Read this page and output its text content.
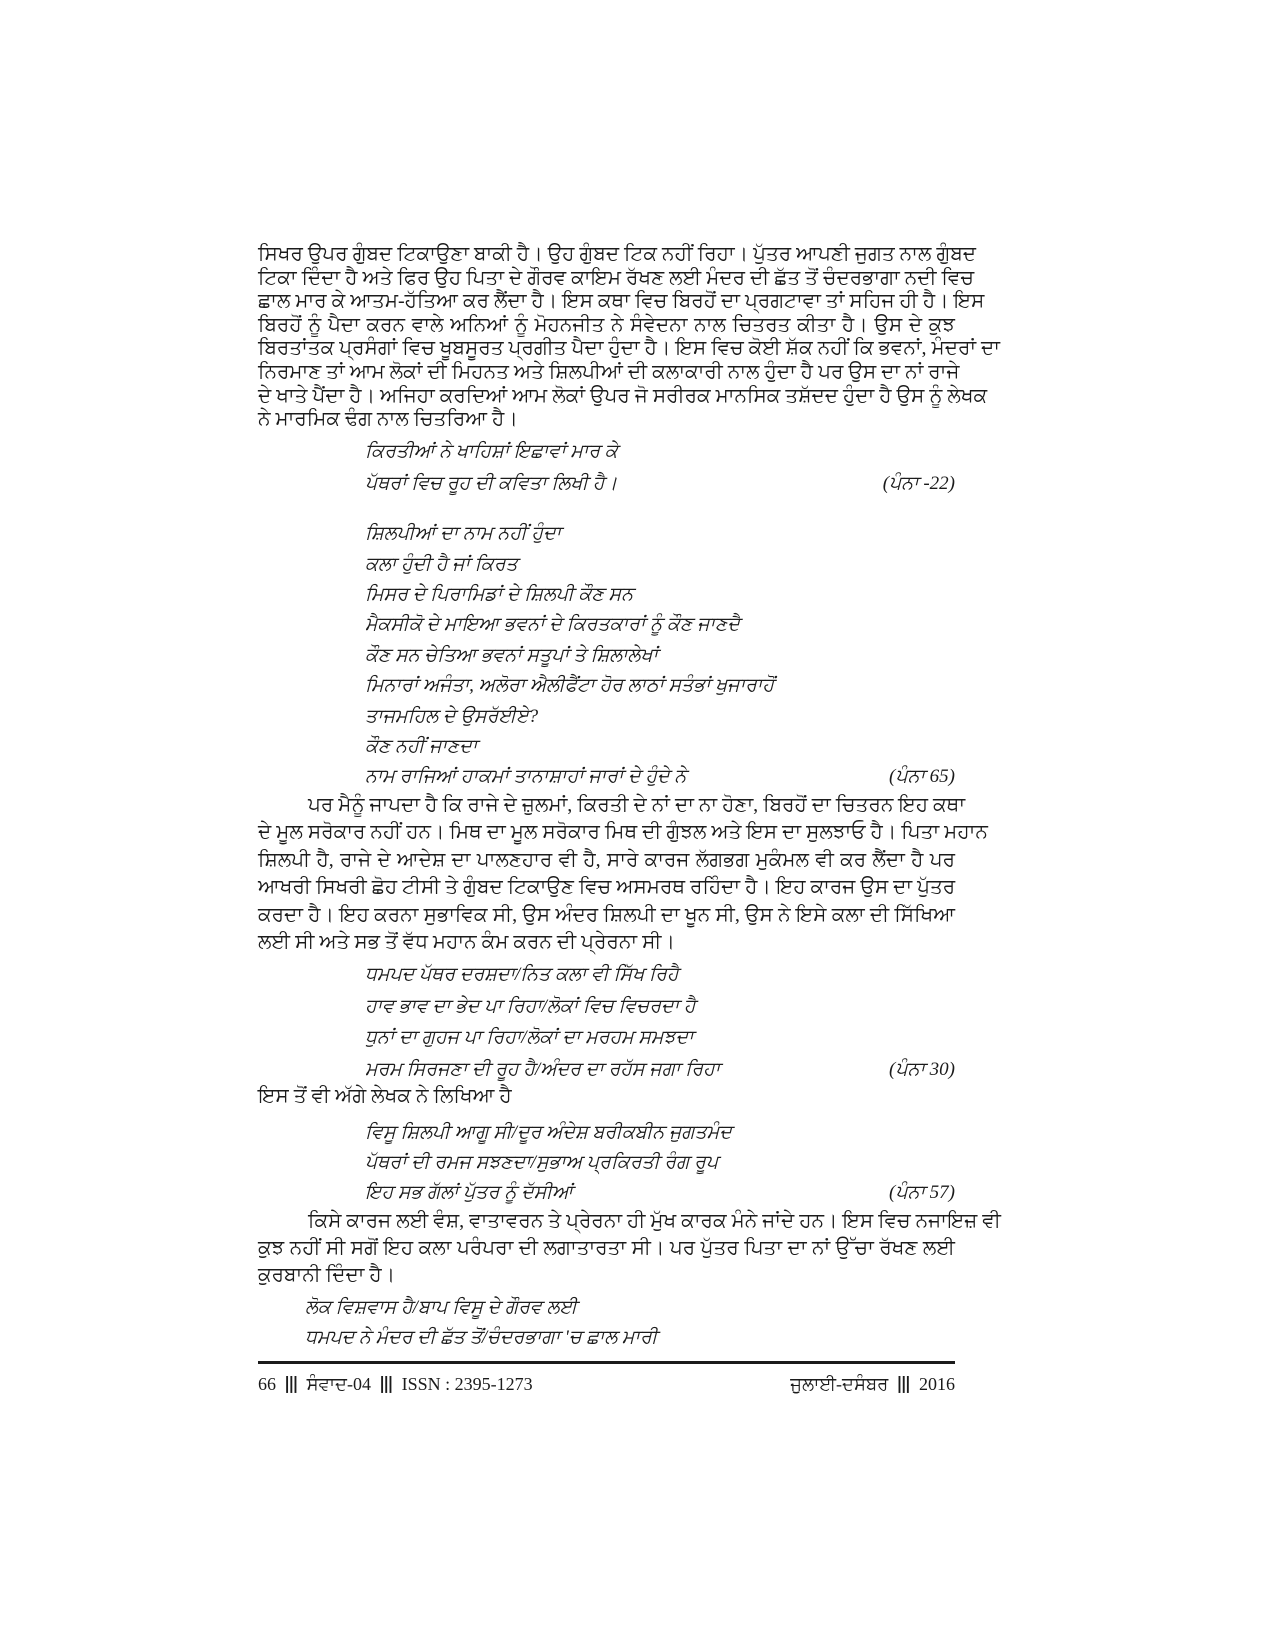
ਸਿਖਰ ਉਪਰ ਗੁੰਬਦ ਟਿਕਾਉਣਾ ਬਾਕੀ ਹੈ। ਉਹ ਗੁੰਬਦ ਟਿਕ ਨਹੀਂ ਰਿਹਾ। ਪੁੱਤਰ ਆਪਣੀ ਜੁਗਤ ਨਾਲ ਗੁੰਬਦ
ਟਿਕਾ ਦਿੰਦਾ ਹੈ ਅਤੇ ਫਿਰ ਉਹ ਪਿਤਾ ਦੇ ਗੌਰਵ ਕਾਇਮ ਰੱਖਣ ਲਈ ਮੰਦਰ ਦੀ ਛੱਤ ਤੋਂ ਚੰਦਰਭਾਗਾ ਨਦੀ ਵਿਚ
ਛਾਲ ਮਾਰ ਕੇ ਆਤਮ-ਹੱਤਿਆ ਕਰ ਲੈਂਦਾ ਹੈ। ਇਸ ਕਥਾ ਵਿਚ ਬਿਰਹੋਂ ਦਾ ਪ੍ਰਗਟਾਵਾ ਤਾਂ ਸਹਿਜ ਹੀ ਹੈ। ਇਸ
ਬਿਰਹੋਂ ਨੂੰ ਪੈਦਾ ਕਰਨ ਵਾਲੇ ਅਨਿਆਂ ਨੂੰ ਮੋਹਨਜੀਤ ਨੇ ਸੰਵੇਦਨਾ ਨਾਲ ਚਿਤਰਤ ਕੀਤਾ ਹੈ। ਉਸ ਦੇ ਕੁਝ
ਬਿਰਤਾਂਤਕ ਪ੍ਰਸੰਗਾਂ ਵਿਚ ਖੂਬਸੂਰਤ ਪ੍ਰਗੀਤ ਪੈਦਾ ਹੁੰਦਾ ਹੈ। ਇਸ ਵਿਚ ਕੋਈ ਸ਼ੱਕ ਨਹੀਂ ਕਿ ਭਵਨਾਂ, ਮੰਦਰਾਂ ਦਾ
ਨਿਰਮਾਣ ਤਾਂ ਆਮ ਲੋਕਾਂ ਦੀ ਮਿਹਨਤ ਅਤੇ ਸ਼ਿਲਪੀਆਂ ਦੀ ਕਲਾਕਾਰੀ ਨਾਲ ਹੁੰਦਾ ਹੈ ਪਰ ਉਸ ਦਾ ਨਾਂ ਰਾਜੇ
ਦੇ ਖਾਤੇ ਪੈਂਦਾ ਹੈ। ਅਜਿਹਾ ਕਰਦਿਆਂ ਆਮ ਲੋਕਾਂ ਉਪਰ ਜੋ ਸਰੀਰਕ ਮਾਨਸਿਕ ਤਸ਼ੱਦਦ ਹੁੰਦਾ ਹੈ ਉਸ ਨੂੰ ਲੇਖਕ
ਨੇ ਮਾਰਮਿਕ ਢੰਗ ਨਾਲ ਚਿਤਰਿਆ ਹੈ।
ਕਿਰਤੀਆਂ ਨੇ ਖਾਹਿਸ਼ਾਂ ਇਛਾਵਾਂ ਮਾਰ ਕੇ
ਪੱਥਰਾਂ ਵਿਚ ਰੂਹ ਦੀ ਕਵਿਤਾ ਲਿਖੀ ਹੈ।	(ਪੰਨਾ -22)
ਸ਼ਿਲਪੀਆਂ ਦਾ ਨਾਮ ਨਹੀਂ ਹੁੰਦਾ
ਕਲਾ ਹੁੰਦੀ ਹੈ ਜਾਂ ਕਿਰਤ
ਮਿਸਰ ਦੇ ਪਿਰਾਮਿਡਾਂ ਦੇ ਸ਼ਿਲਪੀ ਕੌਣ ਸਨ
ਮੈਕਸੀਕੋ ਦੇ ਮਾਇਆ ਭਵਨਾਂ ਦੇ ਕਿਰਤਕਾਰਾਂ ਨੂੰ ਕੌਣ ਜਾਣਦੈ
ਕੌਣ ਸਨ ਚੇਤਿਆ ਭਵਨਾਂ ਸਤੂਪਾਂ ਤੇ ਸ਼ਿਲਾਲੇਖਾਂ
ਮਿਨਾਰਾਂ ਅਜੰਤਾ, ਅਲੋਰਾ ਐਲੀਫੈਂਟਾ ਹੋਰ ਲਾਠਾਂ ਸਤੰਭਾਂ ਖੁਜਾਰਾਹੋਂ
ਤਾਜਮਹਿਲ ਦੇ ਉਸਰੱਈਏ?
ਕੌਣ ਨਹੀਂ ਜਾਣਦਾ
ਨਾਮ ਰਾਜਿਆਂ ਹਾਕਮਾਂ ਤਾਨਾਸ਼ਾਹਾਂ ਜਾਰਾਂ ਦੇ ਹੁੰਦੇ ਨੇ	(ਪੰਨਾ 65)
ਪਰ ਮੈਨੂੰ ਜਾਪਦਾ ਹੈ ਕਿ ਰਾਜੇ ਦੇ ਜ਼ੁਲਮਾਂ, ਕਿਰਤੀ ਦੇ ਨਾਂ ਦਾ ਨਾ ਹੋਣਾ, ਬਿਰਹੋਂ ਦਾ ਚਿਤਰਨ ਇਹ ਕਥਾ
ਦੇ ਮੂਲ ਸਰੋਕਾਰ ਨਹੀਂ ਹਨ। ਮਿਥ ਦਾ ਮੂਲ ਸਰੋਕਾਰ ਮਿਥ ਦੀ ਗੁੰਝਲ ਅਤੇ ਇਸ ਦਾ ਸੁਲਝਾਓ ਹੈ। ਪਿਤਾ ਮਹਾਨ
ਸ਼ਿਲਪੀ ਹੈ, ਰਾਜੇ ਦੇ ਆਦੇਸ਼ ਦਾ ਪਾਲਣਹਾਰ ਵੀ ਹੈ, ਸਾਰੇ ਕਾਰਜ ਲੱਗਭਗ ਮੁਕੰਮਲ ਵੀ ਕਰ ਲੈਂਦਾ ਹੈ ਪਰ
ਆਖਰੀ ਸਿਖਰੀ ਛੋਹ ਟੀਸੀ ਤੇ ਗੁੰਬਦ ਟਿਕਾਉਣ ਵਿਚ ਅਸਮਰਥ ਰਹਿੰਦਾ ਹੈ। ਇਹ ਕਾਰਜ ਉਸ ਦਾ ਪੁੱਤਰ
ਕਰਦਾ ਹੈ। ਇਹ ਕਰਨਾ ਸੁਭਾਵਿਕ ਸੀ, ਉਸ ਅੰਦਰ ਸ਼ਿਲਪੀ ਦਾ ਖੂਨ ਸੀ, ਉਸ ਨੇ ਇਸੇ ਕਲਾ ਦੀ ਸਿੱਖਿਆ
ਲਈ ਸੀ ਅਤੇ ਸਭ ਤੋਂ ਵੱਧ ਮਹਾਨ ਕੰਮ ਕਰਨ ਦੀ ਪ੍ਰੇਰਨਾ ਸੀ।
ਧਮਪਦ ਪੱਥਰ ਦਰਸ਼ਦਾ/ਨਿਤ ਕਲਾ ਵੀ ਸਿੱਖ ਰਿਹੈ
ਹਾਵ ਭਾਵ ਦਾ ਭੇਦ ਪਾ ਰਿਹਾ/ਲੋਕਾਂ ਵਿਚ ਵਿਚਰਦਾ ਹੈ
ਧੁਨਾਂ ਦਾ ਗੁਹਜ ਪਾ ਰਿਹਾ/ਲੋਕਾਂ ਦਾ ਮਰਹਮ ਸਮਝਦਾ
ਮਰਮ ਸਿਰਜਣਾ ਦੀ ਰੂਹ ਹੈ/ਅੰਦਰ ਦਾ ਰਹੱਸ ਜਗਾ ਰਿਹਾ	(ਪੰਨਾ 30)
ਇਸ ਤੋਂ ਵੀ ਅੱਗੇ ਲੇਖਕ ਨੇ ਲਿਖਿਆ ਹੈ
ਵਿਸੂ ਸ਼ਿਲਪੀ ਆਗੂ ਸੀ/ਦੂਰ ਅੰਦੇਸ਼ ਬਰੀਕਬੀਨ ਜੁਗਤਮੰਦ
ਪੱਥਰਾਂ ਦੀ ਰਮਜ ਸਝਣਦਾ/ਸੁਭਾਅ ਪ੍ਰਕਿਰਤੀ ਰੰਗ ਰੂਪ
ਇਹ ਸਭ ਗੱਲਾਂ ਪੁੱਤਰ ਨੂੰ ਦੱਸੀਆਂ	(ਪੰਨਾ 57)
ਕਿਸੇ ਕਾਰਜ ਲਈ ਵੰਸ਼, ਵਾਤਾਵਰਨ ਤੇ ਪ੍ਰੇਰਨਾ ਹੀ ਮੁੱਖ ਕਾਰਕ ਮੰਨੇ ਜਾਂਦੇ ਹਨ। ਇਸ ਵਿਚ ਨਜਾਇਜ਼ ਵੀ
ਕੁਝ ਨਹੀਂ ਸੀ ਸਗੋਂ ਇਹ ਕਲਾ ਪਰੰਪਰਾ ਦੀ ਲਗਾਤਾਰਤਾ ਸੀ। ਪਰ ਪੁੱਤਰ ਪਿਤਾ ਦਾ ਨਾਂ ਉੱਚਾ ਰੱਖਣ ਲਈ
ਕੁਰਬਾਨੀ ਦਿੰਦਾ ਹੈ।
ਲੋਕ ਵਿਸ਼ਵਾਸ ਹੈ/ਬਾਪ ਵਿਸੂ ਦੇ ਗੌਰਵ ਲਈ
ਧਮਪਦ ਨੇ ਮੰਦਰ ਦੀ ਛੱਤ ਤੋਂ/ਚੰਦਰਭਾਗਾ 'ਚ ਛਾਲ ਮਾਰੀ
66 ||| ਸੰਵਾਦ-04 ||| ISSN : 2395-1273	ਜੁਲਾਈ-ਦਸੰਬਰ ||| 2016
